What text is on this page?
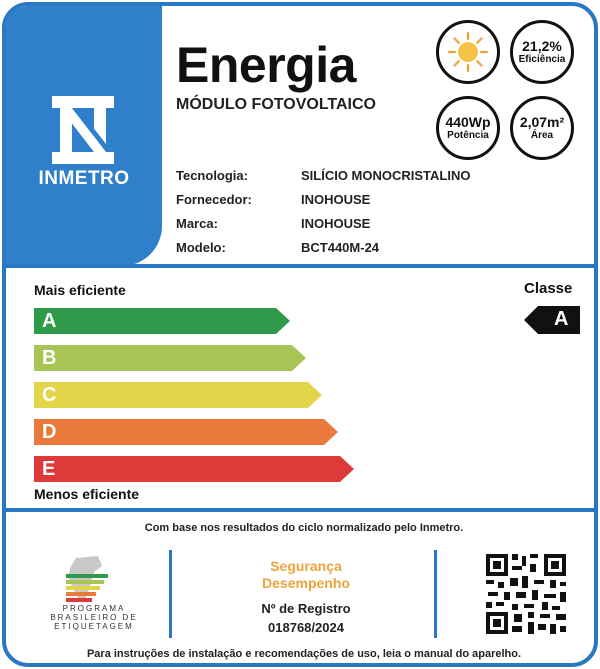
INMETRO
Energia
MÓDULO FOTOVOLTAICO
21,2%
Eficiência
440Wp
Potência
2,07m²
Área
Tecnologia:	SILÍCIO MONOCRISTALINO
Fornecedor:	INOHOUSE
Marca:	INOHOUSE
Modelo:	BCT440M-24
Mais eficiente	Classe
A
B
C
D
E
A
Menos eficiente
Com base nos resultados do ciclo normalizado pelo Inmetro.
PROGRAMA
BRASILEIRO DE
ETIQUETAGEM
Segurança
Desempenho
Nº de Registro
018768/2024
Para instruções de instalação e recomendações de uso, leia o manual do aparelho.
